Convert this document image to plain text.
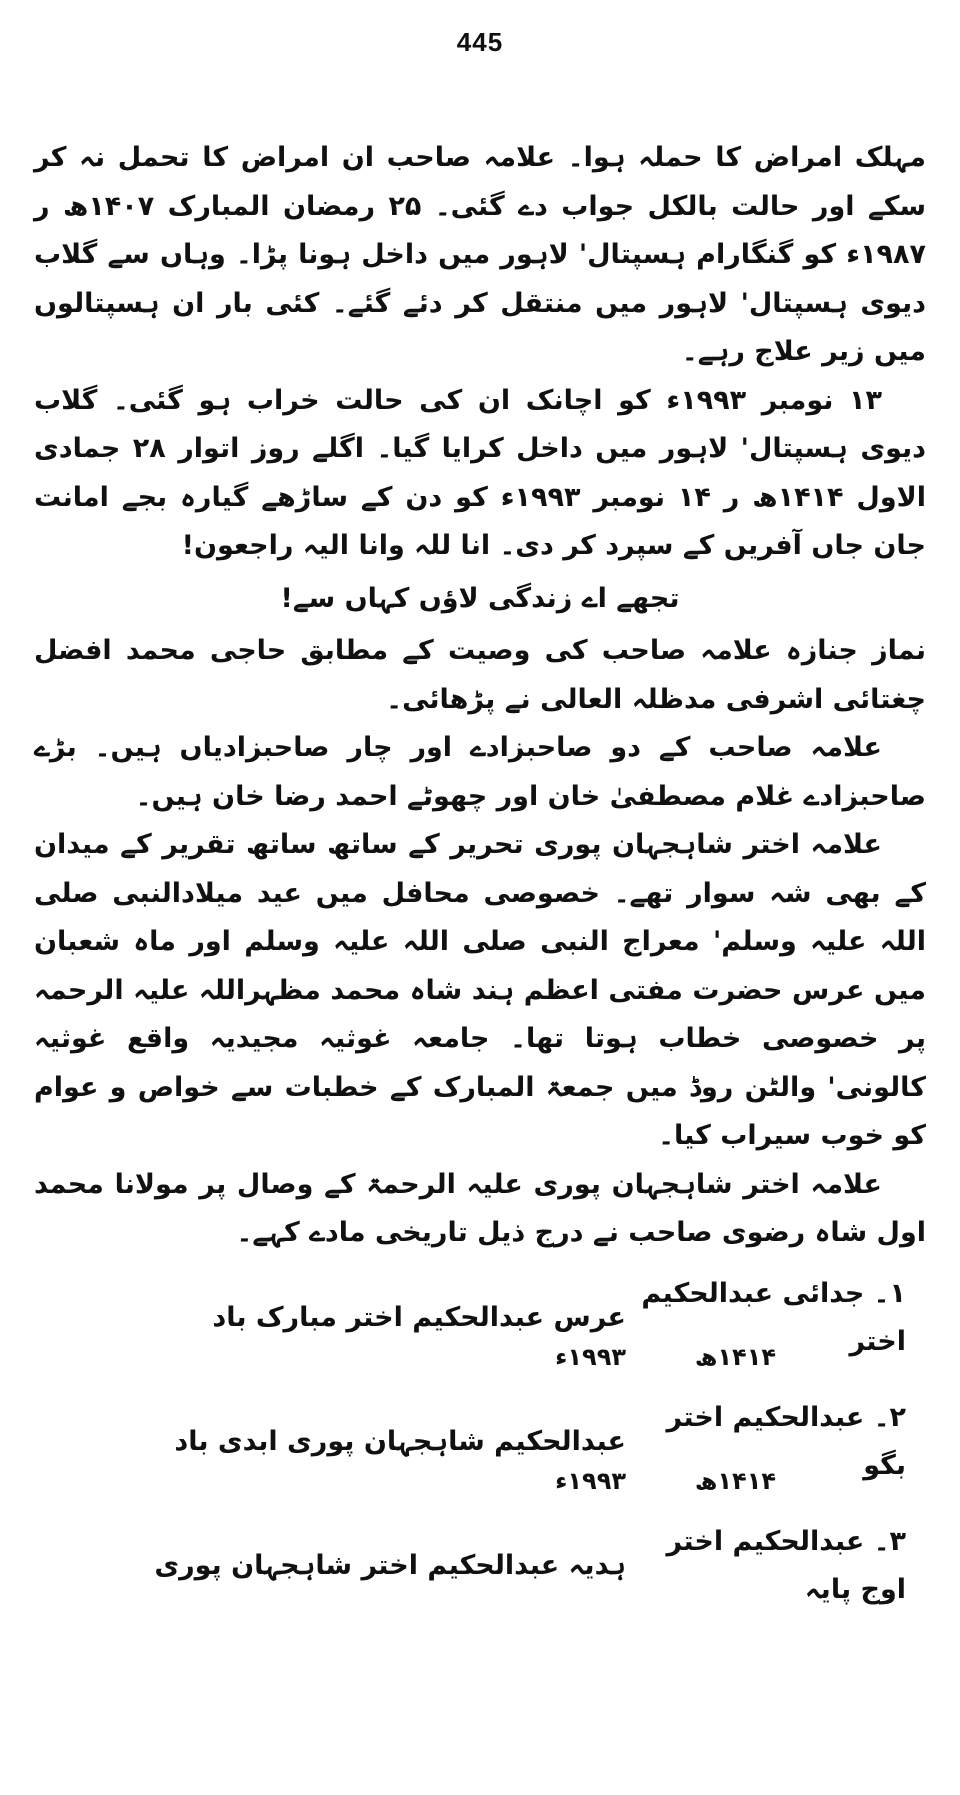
445

مہلک امراض کا حملہ ہوا۔ علامہ صاحب ان امراض کا تحمل نہ کر سکے اور حالت بالکل جواب دے گئی۔ ۲۵ رمضان المبارک ۱۴۰۷ھ ر ۱۹۸۷ء کو گنگارام ہسپتال' لاہور میں داخل ہونا پڑا۔ وہاں سے گلاب دیوی ہسپتال' لاہور میں منتقل کر دئے گئے۔ کئی بار ان ہسپتالوں میں زیر علاج رہے۔

۱۳ نومبر ۱۹۹۳ء کو اچانک ان کی حالت خراب ہو گئی۔ گلاب دیوی ہسپتال' لاہور میں داخل کرایا گیا۔ اگلے روز اتوار ۲۸ جمادی الاول ۱۴۱۴ھ ر ۱۴ نومبر ۱۹۹۳ء کو دن کے ساڑھے گیارہ بجے امانت جان جاں آفریں کے سپرد کر دی۔ انا للہ وانا الیہ راجعون!

تجھے اے زندگی لاؤں کہاں سے!

نماز جنازہ علامہ صاحب کی وصیت کے مطابق حاجی محمد افضل چغتائی اشرفی مدظلہ العالی نے پڑھائی۔

علامہ صاحب کے دو صاحبزادے اور چار صاحبزادیاں ہیں۔ بڑے صاحبزادے غلام مصطفیٰ خان اور چھوٹے احمد رضا خان ہیں۔

علامہ اختر شاہجہان پوری تحریر کے ساتھ ساتھ تقریر کے میدان کے بھی شہ سوار تھے۔ خصوصی محافل میں عید میلادالنبی صلی اللہ علیہ وسلم' معراج النبی صلی اللہ علیہ وسلم اور ماہ شعبان میں عرس حضرت مفتی اعظم ہند شاہ محمد مظہراللہ علیہ الرحمہ پر خصوصی خطاب ہوتا تھا۔ جامعہ غوثیہ مجیدیہ واقع غوثیہ کالونی' والٹن روڈ میں جمعۃ المبارک کے خطبات سے خواص و عوام کو خوب سیراب کیا۔

علامہ اختر شاہجہان پوری علیہ الرحمۃ کے وصال پر مولانا محمد اول شاہ رضوی صاحب نے درج ذیل تاریخی مادے کہے۔

۱۔ جدائی عبدالحکیم اختر
عرس عبدالحکیم اختر مبارک باد
۱۴۱۴ھ
۱۹۹۳ء
۲۔ عبدالحکیم اختر بگو
عبدالحکیم شاہجہان پوری ابدی باد
۱۴۱۴ھ
۱۹۹۳ء
۳۔ عبدالحکیم اختر اوج پایہ
ہدیہ عبدالحکیم اختر شاہجہان پوری
